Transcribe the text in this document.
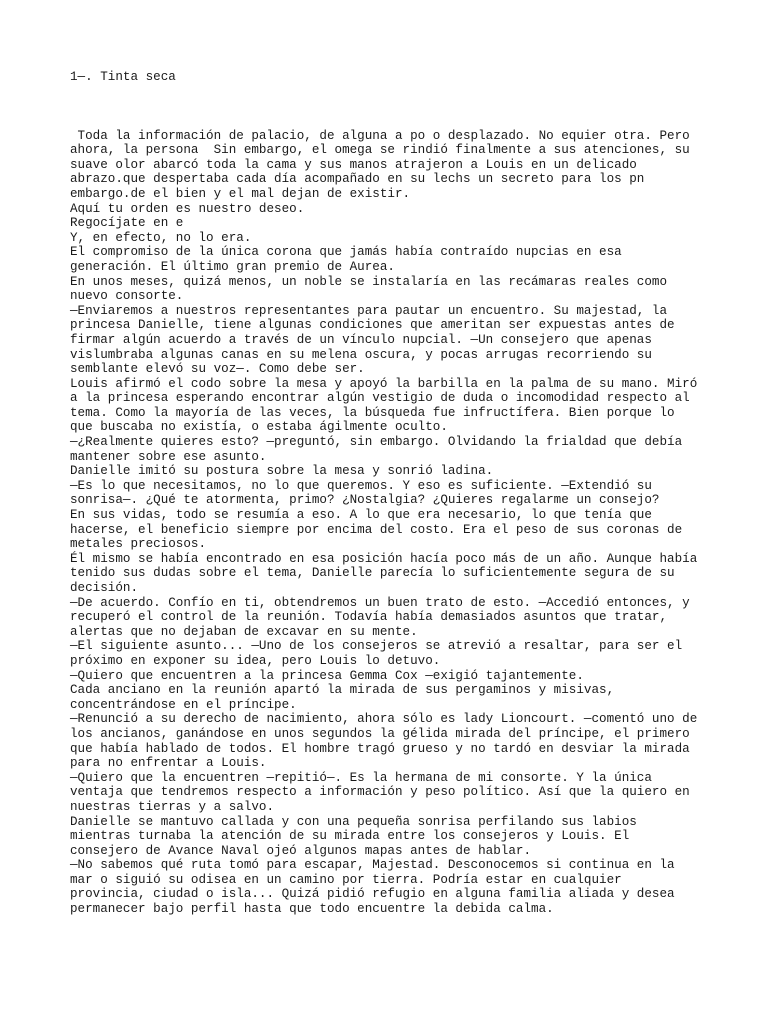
1—. Tinta seca

Toda la información de palacio, de alguna a po o desplazado. No equier otra. Pero

ahora, la persona  Sin embargo, el omega se rindió finalmente a sus atenciones, su

suave olor abarcó toda la cama y sus manos atrajeron a Louis en un delicado

abrazo.que despertaba cada día acompañado en su lechs un secreto para los pn

embargo.de el bien y el mal dejan de existir.

Aquí tu orden es nuestro deseo.

Regocíjate en e

Y, en efecto, no lo era.

El compromiso de la única corona que jamás había contraído nupcias en esa

generación. El último gran premio de Aurea.

En unos meses, quizá menos, un noble se instalaría en las recámaras reales como

nuevo consorte.

—Enviaremos a nuestros representantes para pautar un encuentro. Su majestad, la

princesa Danielle, tiene algunas condiciones que ameritan ser expuestas antes de

firmar algún acuerdo a través de un vínculo nupcial. —Un consejero que apenas

vislumbraba algunas canas en su melena oscura, y pocas arrugas recorriendo su

semblante elevó su voz—. Como debe ser.

Louis afirmó el codo sobre la mesa y apoyó la barbilla en la palma de su mano. Miró

a la princesa esperando encontrar algún vestigio de duda o incomodidad respecto al

tema. Como la mayoría de las veces, la búsqueda fue infructífera. Bien porque lo

que buscaba no existía, o estaba ágilmente oculto.

—¿Realmente quieres esto? —preguntó, sin embargo. Olvidando la frialdad que debía

mantener sobre ese asunto.

Danielle imitó su postura sobre la mesa y sonrió ladina.

—Es lo que necesitamos, no lo que queremos. Y eso es suficiente. —Extendió su

sonrisa—. ¿Qué te atormenta, primo? ¿Nostalgia? ¿Quieres regalarme un consejo?

En sus vidas, todo se resumía a eso. A lo que era necesario, lo que tenía que

hacerse, el beneficio siempre por encima del costo. Era el peso de sus coronas de

metales preciosos.

Él mismo se había encontrado en esa posición hacía poco más de un año. Aunque había

tenido sus dudas sobre el tema, Danielle parecía lo suficientemente segura de su

decisión.

—De acuerdo. Confío en ti, obtendremos un buen trato de esto. —Accedió entonces, y

recuperó el control de la reunión. Todavía había demasiados asuntos que tratar,

alertas que no dejaban de excavar en su mente.

—El siguiente asunto... —Uno de los consejeros se atrevió a resaltar, para ser el

próximo en exponer su idea, pero Louis lo detuvo.

—Quiero que encuentren a la princesa Gemma Cox —exigió tajantemente.

Cada anciano en la reunión apartó la mirada de sus pergaminos y misivas,

concentrándose en el príncipe.

—Renunció a su derecho de nacimiento, ahora sólo es lady Lioncourt. —comentó uno de

los ancianos, ganándose en unos segundos la gélida mirada del príncipe, el primero

que había hablado de todos. El hombre tragó grueso y no tardó en desviar la mirada

para no enfrentar a Louis.

—Quiero que la encuentren —repitió—. Es la hermana de mi consorte. Y la única

ventaja que tendremos respecto a información y peso político. Así que la quiero en

nuestras tierras y a salvo.

Danielle se mantuvo callada y con una pequeña sonrisa perfilando sus labios

mientras turnaba la atención de su mirada entre los consejeros y Louis. El

consejero de Avance Naval ojeó algunos mapas antes de hablar.

—No sabemos qué ruta tomó para escapar, Majestad. Desconocemos si continua en la

mar o siguió su odisea en un camino por tierra. Podría estar en cualquier

provincia, ciudad o isla... Quizá pidió refugio en alguna familia aliada y desea

permanecer bajo perfil hasta que todo encuentre la debida calma.
